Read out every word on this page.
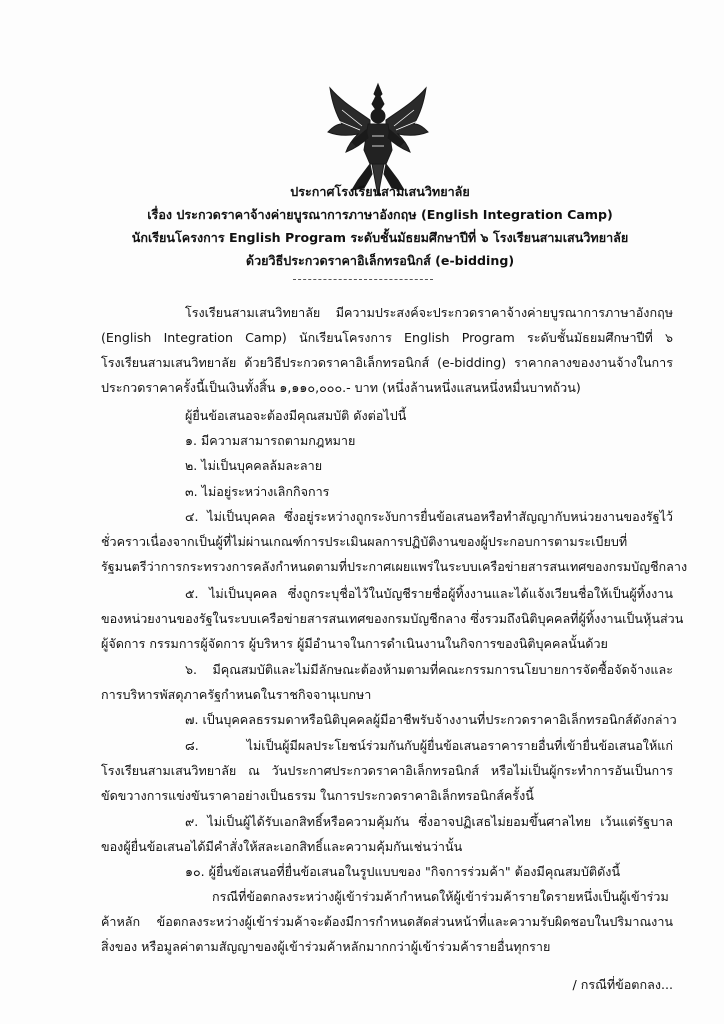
ประกาศโรงเรียนสามเสนวิทยาลัย
เรื่อง ประกวดราคาจ้างค่ายบูรณาการภาษาอังกฤษ (English Integration Camp)
นักเรียนโครงการ English Program ระดับชั้นมัธยมศึกษาปีที่ ๖ โรงเรียนสามเสนวิทยาลัย
ด้วยวิธีประกวดราคาอิเล็กทรอนิกส์ (e-bidding)
โรงเรียนสามเสนวิทยาลัย มีความประสงค์จะประกวดราคาจ้างค่ายบูรณาการภาษาอังกฤษ
(English Integration Camp) นักเรียนโครงการ English Program ระดับชั้นมัธยมศึกษาปีที่ ๖
โรงเรียนสามเสนวิทยาลัย ด้วยวิธีประกวดราคาอิเล็กทรอนิกส์ (e-bidding) ราคากลางของงานจ้างในการ
ประกวดราคาครั้งนี้เป็นเงินทั้งสิ้น ๑,๑๑๐,๐๐๐.- บาท (หนึ่งล้านหนึ่งแสนหนึ่งหมื่นบาทถ้วน)
ผู้ยื่นข้อเสนอจะต้องมีคุณสมบัติ ดังต่อไปนี้
๑. มีความสามารถตามกฎหมาย
๒. ไม่เป็นบุคคลล้มละลาย
๓. ไม่อยู่ระหว่างเลิกกิจการ
๔. ไม่เป็นบุคคล ซึ่งอยู่ระหว่างถูกระงับการยื่นข้อเสนอหรือทำสัญญากับหน่วยงานของรัฐไว้
ชั่วคราวเนื่องจากเป็นผู้ที่ไม่ผ่านเกณฑ์การประเมินผลการปฏิบัติงานของผู้ประกอบการตามระเบียบที่
รัฐมนตรีว่าการกระทรวงการคลังกำหนดตามที่ประกาศเผยแพร่ในระบบเครือข่ายสารสนเทศของกรมบัญชีกลาง
๕. ไม่เป็นบุคคล ซึ่งถูกระบุชื่อไว้ในบัญชีรายชื่อผู้ทิ้งงานและได้แจ้งเวียนชื่อให้เป็นผู้ทิ้งงาน
ของหน่วยงานของรัฐในระบบเครือข่ายสารสนเทศของกรมบัญชีกลาง ซึ่งรวมถึงนิติบุคคลที่ผู้ทิ้งงานเป็นหุ้นส่วน
ผู้จัดการ กรรมการผู้จัดการ ผู้บริหาร ผู้มีอำนาจในการดำเนินงานในกิจการของนิติบุคคลนั้นด้วย
๖. มีคุณสมบัติและไม่มีลักษณะต้องห้ามตามที่คณะกรรมการนโยบายการจัดซื้อจัดจ้างและ
การบริหารพัสดุภาครัฐกำหนดในราชกิจจานุเบกษา
๗. เป็นบุคคลธรรมดาหรือนิติบุคคลผู้มีอาชีพรับจ้างงานที่ประกวดราคาอิเล็กทรอนิกส์ดังกล่าว
๘. ไม่เป็นผู้มีผลประโยชน์ร่วมกันกับผู้ยื่นข้อเสนอราคารายอื่นที่เข้ายื่นข้อเสนอให้แก่
โรงเรียนสามเสนวิทยาลัย ณ วันประกาศประกวดราคาอิเล็กทรอนิกส์ หรือไม่เป็นผู้กระทำการอันเป็นการ
ขัดขวางการแข่งขันราคาอย่างเป็นธรรม ในการประกวดราคาอิเล็กทรอนิกส์ครั้งนี้
๙. ไม่เป็นผู้ได้รับเอกสิทธิ์หรือความคุ้มกัน ซึ่งอาจปฏิเสธไม่ยอมขึ้นศาลไทย เว้นแต่รัฐบาล
ของผู้ยื่นข้อเสนอได้มีคำสั่งให้สละเอกสิทธิ์และความคุ้มกันเช่นว่านั้น
๑๐. ผู้ยื่นข้อเสนอที่ยื่นข้อเสนอในรูปแบบของ "กิจการร่วมค้า" ต้องมีคุณสมบัติดังนี้
กรณีที่ข้อตกลงระหว่างผู้เข้าร่วมค้ากำหนดให้ผู้เข้าร่วมค้ารายใดรายหนึ่งเป็นผู้เข้าร่วม
ค้าหลัก ข้อตกลงระหว่างผู้เข้าร่วมค้าจะต้องมีการกำหนดสัดส่วนหน้าที่และความรับผิดชอบในปริมาณงาน
สิ่งของ หรือมูลค่าตามสัญญาของผู้เข้าร่วมค้าหลักมากกว่าผู้เข้าร่วมค้ารายอื่นทุกราย
/ กรณีที่ข้อตกลง...
